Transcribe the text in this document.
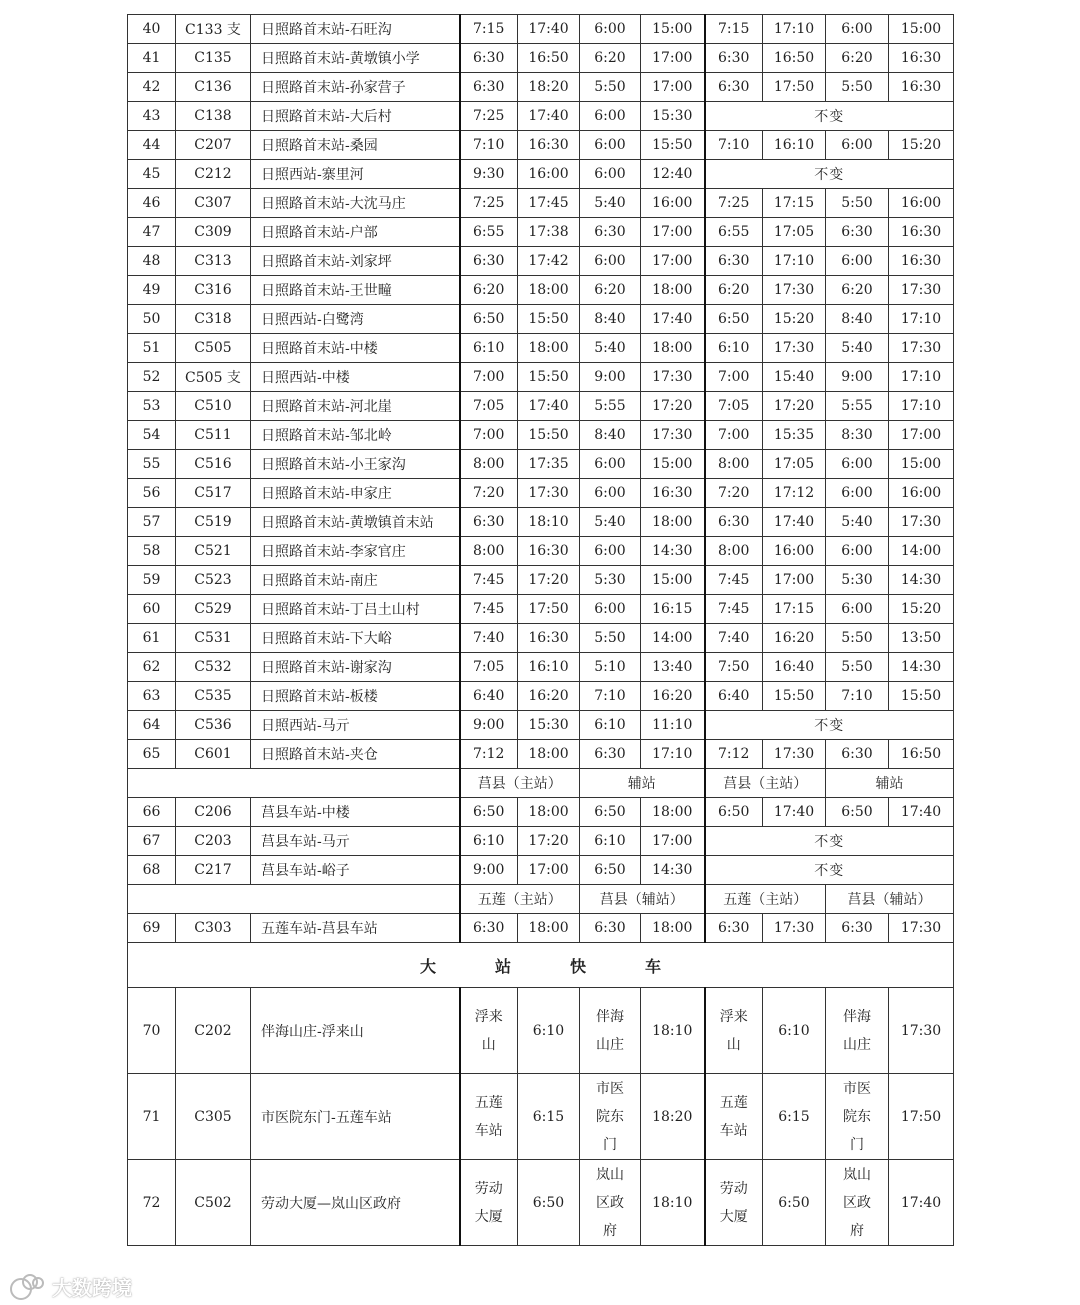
40	C133 支	日照路首末站-石旺沟	7:15	17:40	6:00	15:00	7:15	17:10	6:00	15:00
41	C135	日照路首末站-黄墩镇小学	6:30	16:50	6:20	17:00	6:30	16:50	6:20	16:30
42	C136	日照路首末站-孙家营子	6:30	18:20	5:50	17:00	6:30	17:50	5:50	16:30
43	C138	日照路首末站-大后村	7:25	17:40	6:00	15:30	不变			
44	C207	日照路首末站-桑园	7:10	16:30	6:00	15:50	7:10	16:10	6:00	15:20
45	C212	日照西站-寨里河	9:30	16:00	6:00	12:40	不变			
46	C307	日照路首末站-大沈马庄	7:25	17:45	5:40	16:00	7:25	17:15	5:50	16:00
47	C309	日照路首末站-户部	6:55	17:38	6:30	17:00	6:55	17:05	6:30	16:30
48	C313	日照路首末站-刘家坪	6:30	17:42	6:00	17:00	6:30	17:10	6:00	16:30
49	C316	日照路首末站-王世疃	6:20	18:00	6:20	18:00	6:20	17:30	6:20	17:30
50	C318	日照西站-白鹭湾	6:50	15:50	8:40	17:40	6:50	15:20	8:40	17:10
51	C505	日照路首末站-中楼	6:10	18:00	5:40	18:00	6:10	17:30	5:40	17:30
52	C505 支	日照西站-中楼	7:00	15:50	9:00	17:30	7:00	15:40	9:00	17:10
53	C510	日照路首末站-河北崖	7:05	17:40	5:55	17:20	7:05	17:20	5:55	17:10
54	C511	日照路首末站-邹北岭	7:00	15:50	8:40	17:30	7:00	15:35	8:30	17:00
55	C516	日照路首末站-小王家沟	8:00	17:35	6:00	15:00	8:00	17:05	6:00	15:00
56	C517	日照路首末站-申家庄	7:20	17:30	6:00	16:30	7:20	17:12	6:00	16:00
57	C519	日照路首末站-黄墩镇首末站	6:30	18:10	5:40	18:00	6:30	17:40	5:40	17:30
58	C521	日照路首末站-李家官庄	8:00	16:30	6:00	14:30	8:00	16:00	6:00	14:00
59	C523	日照路首末站-南庄	7:45	17:20	5:30	15:00	7:45	17:00	5:30	14:30
60	C529	日照路首末站-丁吕土山村	7:45	17:50	6:00	16:15	7:45	17:15	6:00	15:20
61	C531	日照路首末站-下大峪	7:40	16:30	5:50	14:00	7:40	16:20	5:50	13:50
62	C532	日照路首末站-谢家沟	7:05	16:10	5:10	13:40	7:50	16:40	5:50	14:30
63	C535	日照路首末站-板楼	6:40	16:20	7:10	16:20	6:40	15:50	7:10	15:50
64	C536	日照西站-马亓	9:00	15:30	6:10	11:10	不变			
65	C601	日照路首末站-夹仓	7:12	18:00	6:30	17:10	7:12	17:30	6:30	16:50
			莒县（主站）		辅站		莒县（主站）		辅站	
66	C206	莒县车站-中楼	6:50	18:00	6:50	18:00	6:50	17:40	6:50	17:40
67	C203	莒县车站-马亓	6:10	17:20	6:10	17:00	不变			
68	C217	莒县车站-峪子	9:00	17:00	6:50	14:30	不变			
			五莲（主站）		莒县（辅站）		五莲（主站）		莒县（辅站）	
69	C303	五莲车站-莒县车站	6:30	18:00	6:30	18:00	6:30	17:30	6:30	17:30
大 站 快 车										
70	C202	伴海山庄-浮来山	浮来山	6:10	伴海山庄	18:10	浮来山	6:10	伴海山庄	17:30
71	C305	市医院东门-五莲车站	五莲车站	6:15	市医院东门	18:20	五莲车站	6:15	市医院东门	17:50
72	C502	劳动大厦—岚山区政府	劳动大厦	6:50	岚山区政府	18:10	劳动大厦	6:50	岚山区政府	17:40
大数跨境
